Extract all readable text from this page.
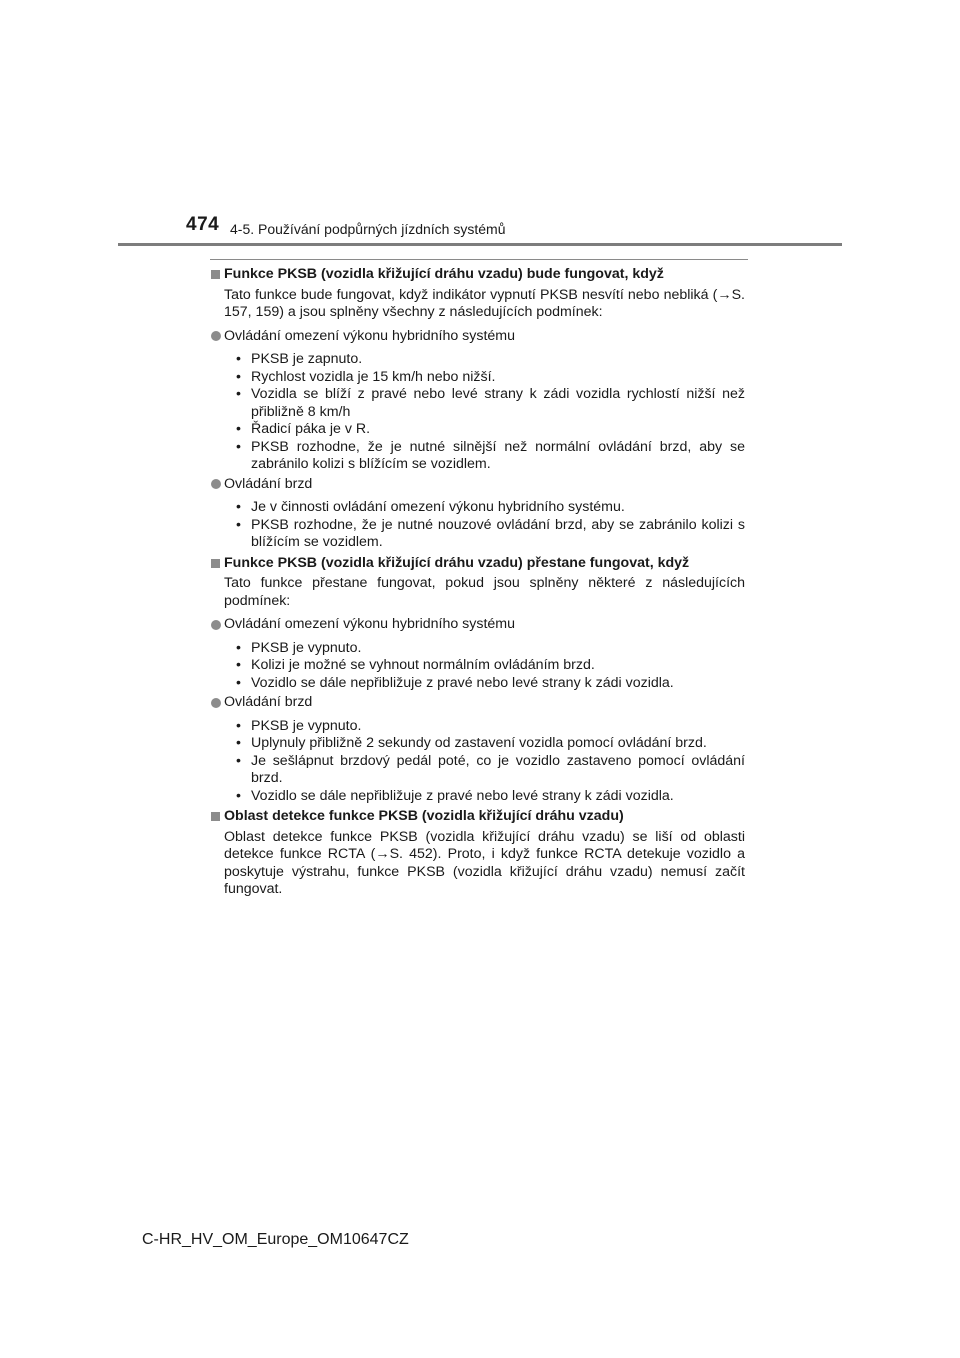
474 4-5. Používání podpůrných jízdních systémů

Funkce PKSB (vozidla křižující dráhu vzadu) bude fungovat, když

Tato funkce bude fungovat, když indikátor vypnutí PKSB nesvítí nebo nebliká (→S. 157, 159) a jsou splněny všechny z následujících podmínek:

Ovládání omezení výkonu hybridního systému

• PKSB je zapnuto.
• Rychlost vozidla je 15 km/h nebo nižší.
• Vozidla se blíží z pravé nebo levé strany k zádi vozidla rychlostí nižší než přibližně 8 km/h
• Řadicí páka je v R.
• PKSB rozhodne, že je nutné silnější než normální ovládání brzd, aby se zabránilo kolizi s blížícím se vozidlem.

Ovládání brzd

• Je v činnosti ovládání omezení výkonu hybridního systému.
• PKSB rozhodne, že je nutné nouzové ovládání brzd, aby se zabránilo kolizi s blížícím se vozidlem.

Funkce PKSB (vozidla křižující dráhu vzadu) přestane fungovat, když

Tato funkce přestane fungovat, pokud jsou splněny některé z následujících podmínek:

Ovládání omezení výkonu hybridního systému

• PKSB je vypnuto.
• Kolizi je možné se vyhnout normálním ovládáním brzd.
• Vozidlo se dále nepřibližuje z pravé nebo levé strany k zádi vozidla.

Ovládání brzd

• PKSB je vypnuto.
• Uplynuly přibližně 2 sekundy od zastavení vozidla pomocí ovládání brzd.
• Je sešlápnut brzdový pedál poté, co je vozidlo zastaveno pomocí ovládání brzd.
• Vozidlo se dále nepřibližuje z pravé nebo levé strany k zádi vozidla.

Oblast detekce funkce PKSB (vozidla křižující dráhu vzadu)

Oblast detekce funkce PKSB (vozidla křižující dráhu vzadu) se liší od oblasti detekce funkce RCTA (→S. 452). Proto, i když funkce RCTA detekuje vozidlo a poskytuje výstrahu, funkce PKSB (vozidla křižující dráhu vzadu) nemusí začít fungovat.

C-HR_HV_OM_Europe_OM10647CZ
